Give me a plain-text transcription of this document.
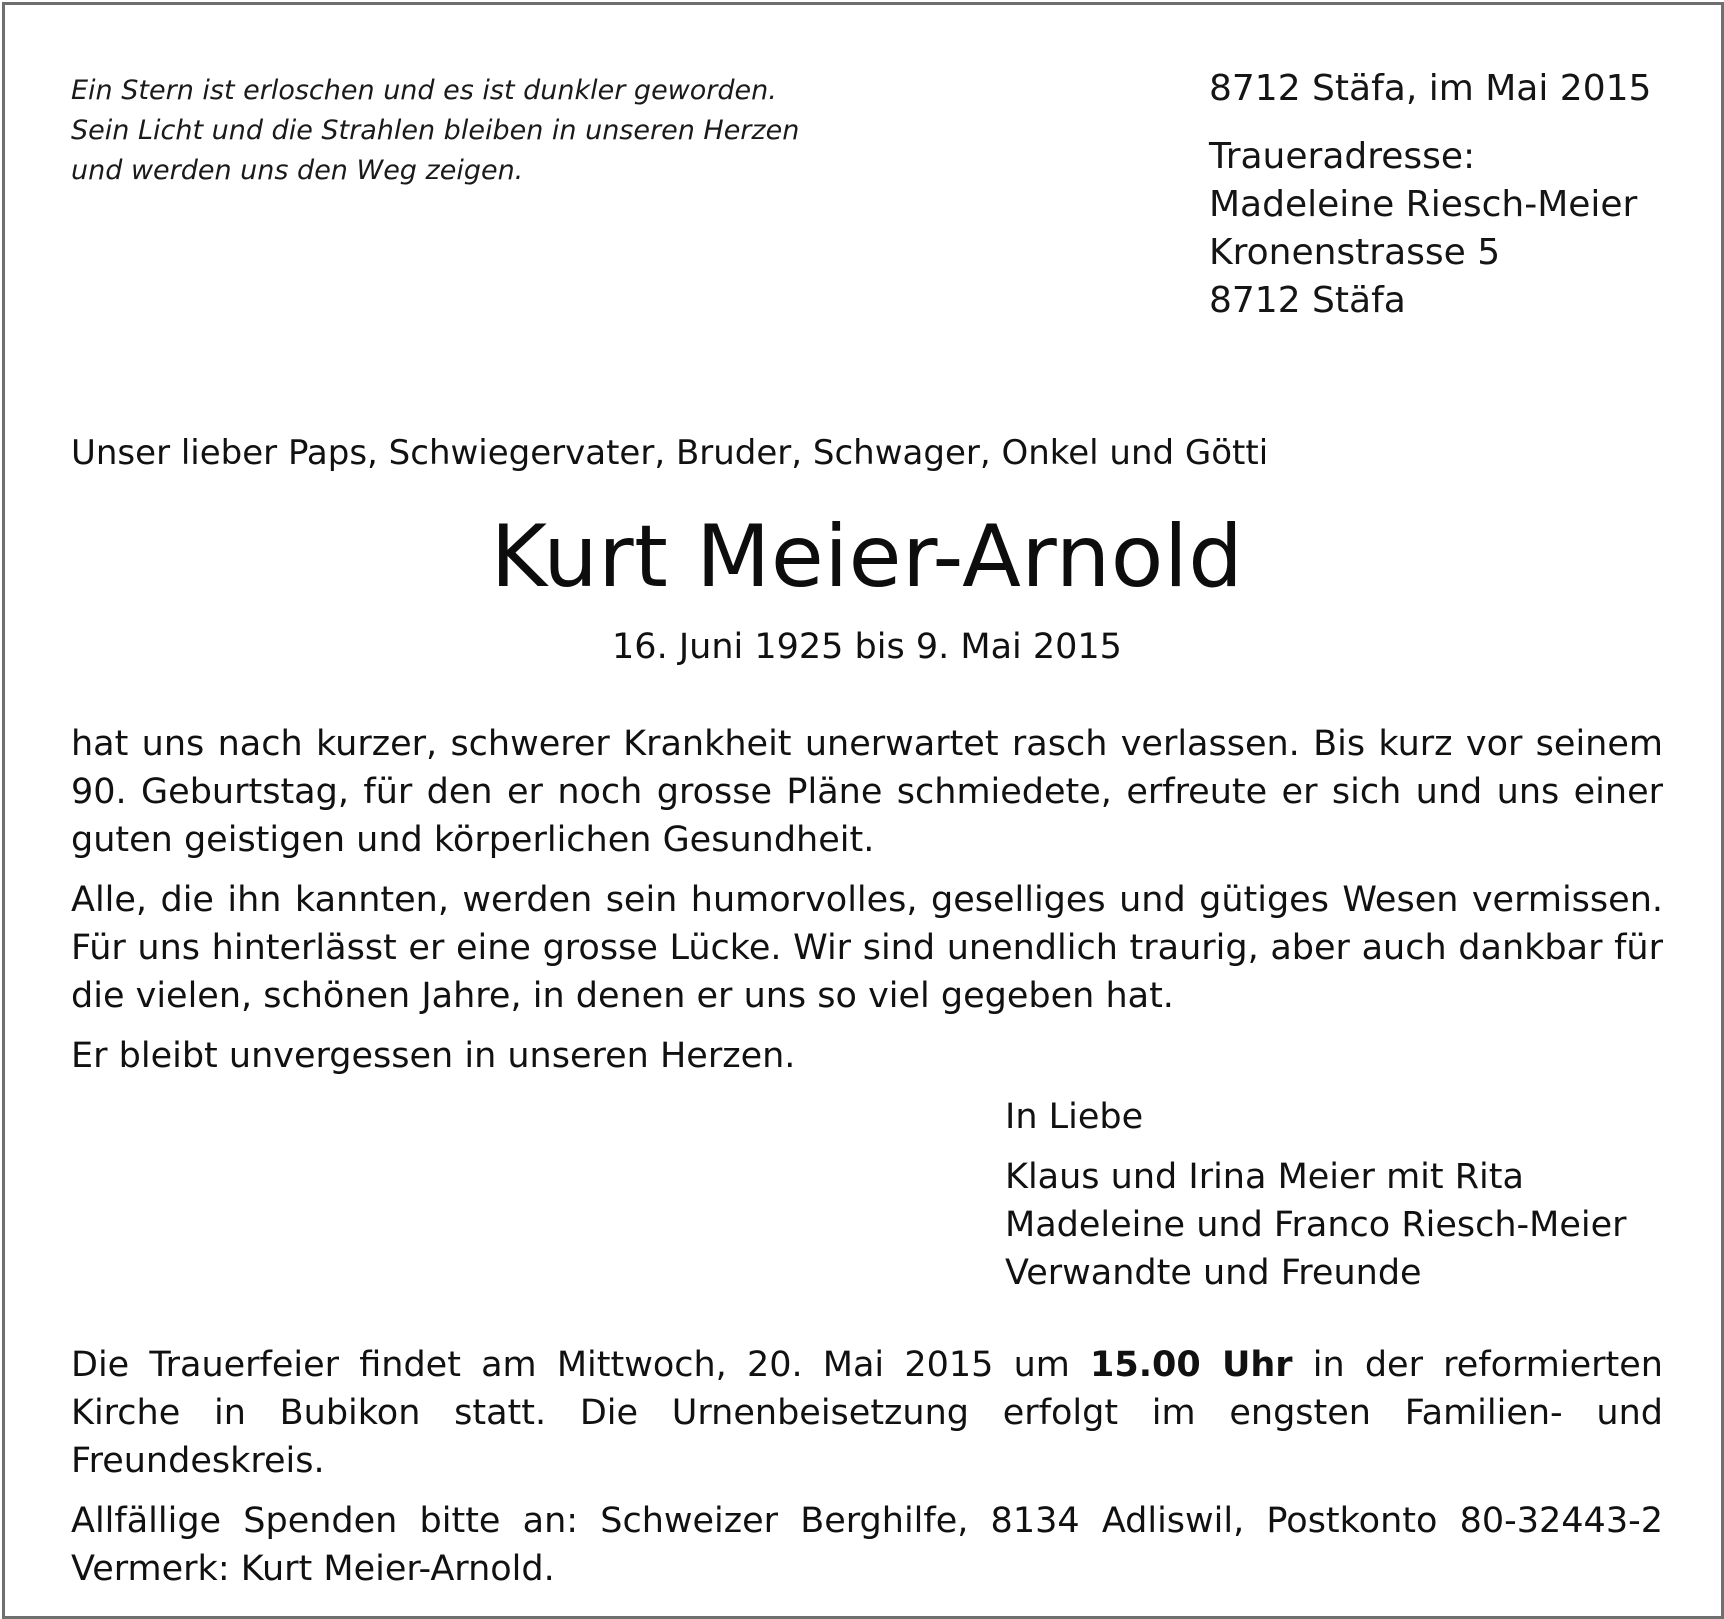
Ein Stern ist erloschen und es ist dunkler geworden.
Sein Licht und die Strahlen bleiben in unseren Herzen
und werden uns den Weg zeigen.
8712 Stäfa, im Mai 2015
Traueradresse:
Madeleine Riesch-Meier
Kronenstrasse 5
8712 Stäfa
Unser lieber Paps, Schwiegervater, Bruder, Schwager, Onkel und Götti
Kurt Meier-Arnold
16. Juni 1925 bis 9. Mai 2015

hat uns nach kurzer, schwerer Krankheit unerwartet rasch verlassen. Bis kurz vor seinem 90. Geburtstag, für den er noch grosse Pläne schmiedete, erfreute er sich und uns einer guten geistigen und körperlichen Gesundheit.

Alle, die ihn kannten, werden sein humorvolles, geselliges und gütiges Wesen vermissen. Für uns hinterlässt er eine grosse Lücke. Wir sind unendlich traurig, aber auch dankbar für die vielen, schönen Jahre, in denen er uns so viel gegeben hat.

Er bleibt unvergessen in unseren Herzen.

In Liebe
Klaus und Irina Meier mit Rita
Madeleine und Franco Riesch-Meier
Verwandte und Freunde

Die Trauerfeier findet am Mittwoch, 20. Mai 2015 um 15.00 Uhr in der reformierten Kirche in Bubikon statt. Die Urnenbeisetzung erfolgt im engsten Familien- und Freundeskreis.

Allfällige Spenden bitte an: Schweizer Berghilfe, 8134 Adliswil, Postkonto 80-32443-2 Vermerk: Kurt Meier-Arnold.
